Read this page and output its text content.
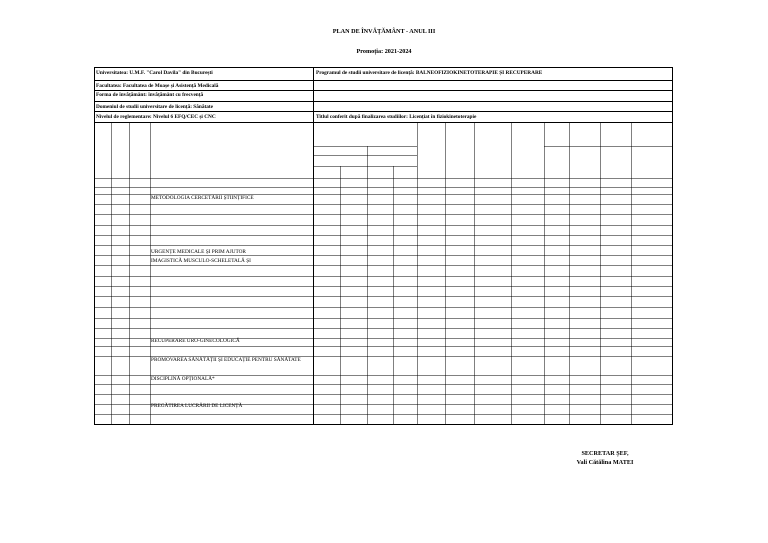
PLAN DE ÎNVĂȚĂMÂNT - ANUL III
Promoția: 2021-2024
Universitatea: U.M.F. "Carol Davila" din București	Programul de studii universitare de licență: BALNEOFIZIOKINETOTERAPIE ȘI RECUPERARE
Facultatea: Facultatea de Moașe și Asistență Medicală
Forma de învățământ: învățământ cu frecvență
Domeniul de studii universitare de licență: Sănătate
Nivelul de reglementare: Nivelul 6 EFQ/CEC și CNC	Titlul conferit după finalizarea studiilor: Licențiat în fiziokinetoterapie
METODOLOGIA CERCETĂRII ȘTIINȚIFICE
URGENȚE MEDICALE ȘI PRIM AJUTOR
IMAGISTICĂ MUSCULO-SCHELETALĂ ȘI
RECUPERARE URO-GINECOLOGICĂ
PROMOVAREA SĂNĂTĂȚII ȘI EDUCAȚIE PENTRU SĂNĂTATE
DISCIPLINĂ OPȚIONALĂ*
PREGĂTIREA LUCRĂRII DE LICENȚĂ
SECRETAR ȘEF,
Vali Cătălina MATEI
